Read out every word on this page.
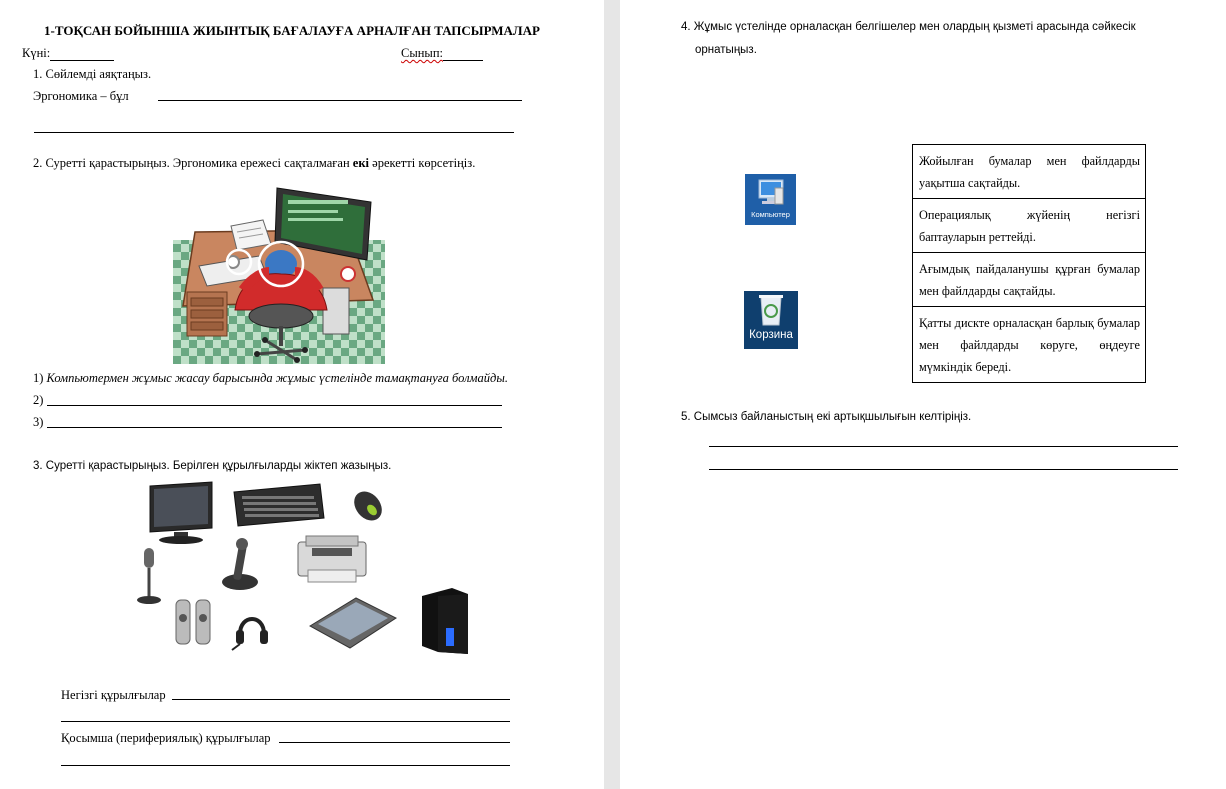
1-ТОҚСАН БОЙЫНША ЖИЫНТЫҚ БАҒАЛАУҒА АРНАЛҒАН ТАПСЫРМАЛАР
Күні:	Сынып:
1. Сөйлемді аяқтаңыз.
Эргономика – бұл
2. Суретті қарастырыңыз. Эргономика ережесі сақталмаған екі әрекетті көрсетіңіз.
1) Компьютермен жұмыс жасау барысында жұмыс үстелінде тамақтануға болмайды.
2)
3)
3. Суретті қарастырыңыз. Берілген құрылғыларды жіктеп жазыңыз.
Негізгі құрылғылар
Қосымша (перифериялық) құрылғылар
4. Жұмыс үстелінде орналасқан белгішелер мен олардың қызметі арасында сәйкесік
орнатыңыз.
Компьютер
Корзина
Жойылған бумалар мен файлдарды уақытша сақтайды.
Операциялық жүйенің негізгі баптауларын реттейді.
Ағымдық пайдаланушы құрған бумалар мен файлдарды сақтайды.
Қатты дискте орналасқан барлық бумалар мен файлдарды көруге, өңдеуге мүмкіндік береді.
5. Сымсыз байланыстың екі артықшылығын келтіріңіз.
